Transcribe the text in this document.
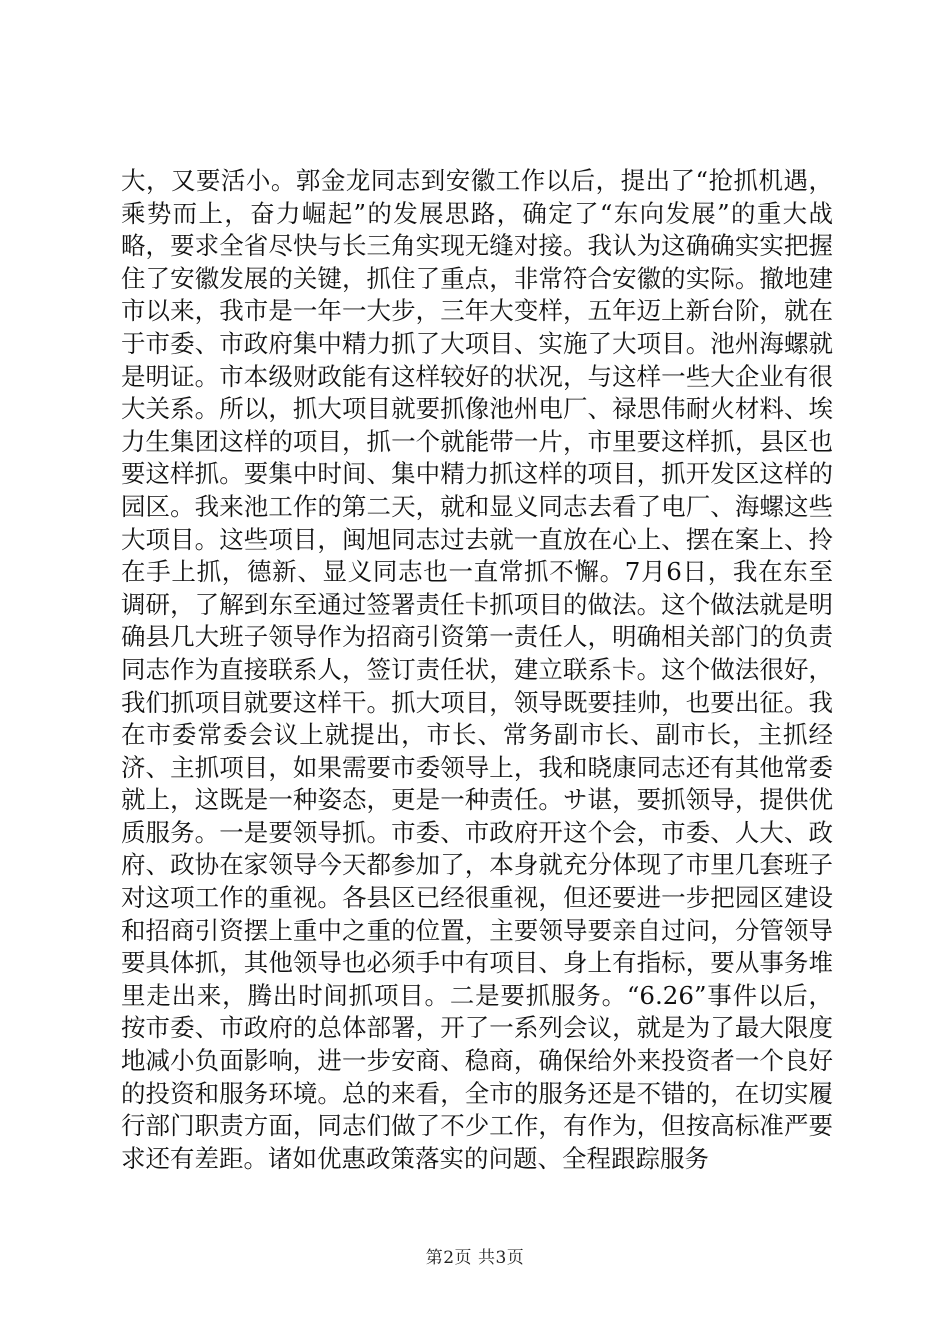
大，又要活小。郭金龙同志到安徽工作以后，提出了“抢抓机遇，乘势而上，奋力崛起”的发展思路，确定了“东向发展”的重大战略，要求全省尽快与长三角实现无缝对接。我认为这确确实实把握住了安徽发展的关键，抓住了重点，非常符合安徽的实际。撤地建市以来，我市是一年一大步，三年大变样，五年迈上新台阶，就在于市委、市政府集中精力抓了大项目、实施了大项目。池州海螺就是明证。市本级财政能有这样较好的状况，与这样一些大企业有很大关系。所以，抓大项目就要抓像池州电厂、禄思伟耐火材料、埃力生集团这样的项目，抓一个就能带一片，市里要这样抓，县区也要这样抓。要集中时间、集中精力抓这样的项目，抓开发区这样的园区。我来池工作的第二天，就和显义同志去看了电厂、海螺这些大项目。这些项目，闽旭同志过去就一直放在心上、摆在案上、拎在手上抓，德新、显义同志也一直常抓不懈。7月6日，我在东至调研，了解到东至通过签署责任卡抓项目的做法。这个做法就是明确县几大班子领导作为招商引资第一责任人，明确相关部门的负责同志作为直接联系人，签订责任状，建立联系卡。这个做法很好，我们抓项目就要这样干。抓大项目，领导既要挂帅，也要出征。我在市委常委会议上就提出，市长、常务副市长、副市长，主抓经济、主抓项目，如果需要市委领导上，我和晓康同志还有其他常委就上，这既是一种姿态，更是一种责任。サ谌，要抓领导，提供优质服务。一是要领导抓。市委、市政府开这个会，市委、人大、政府、政协在家领导今天都参加了，本身就充分体现了市里几套班子对这项工作的重视。各县区已经很重视，但还要进一步把园区建设和招商引资摆上重中之重的位置，主要领导要亲自过问，分管领导要具体抓，其他领导也必须手中有项目、身上有指标，要从事务堆里走出来，腾出时间抓项目。二是要抓服务。“6.26”事件以后，按市委、市政府的总体部署，开了一系列会议，就是为了最大限度地减小负面影响，进一步安商、稳商，确保给外来投资者一个良好的投资和服务环境。总的来看，全市的服务还是不错的，在切实履行部门职责方面，同志们做了不少工作，有作为，但按高标准严要求还有差距。诸如优惠政策落实的问题、全程跟踪服务

第2页 共3页
